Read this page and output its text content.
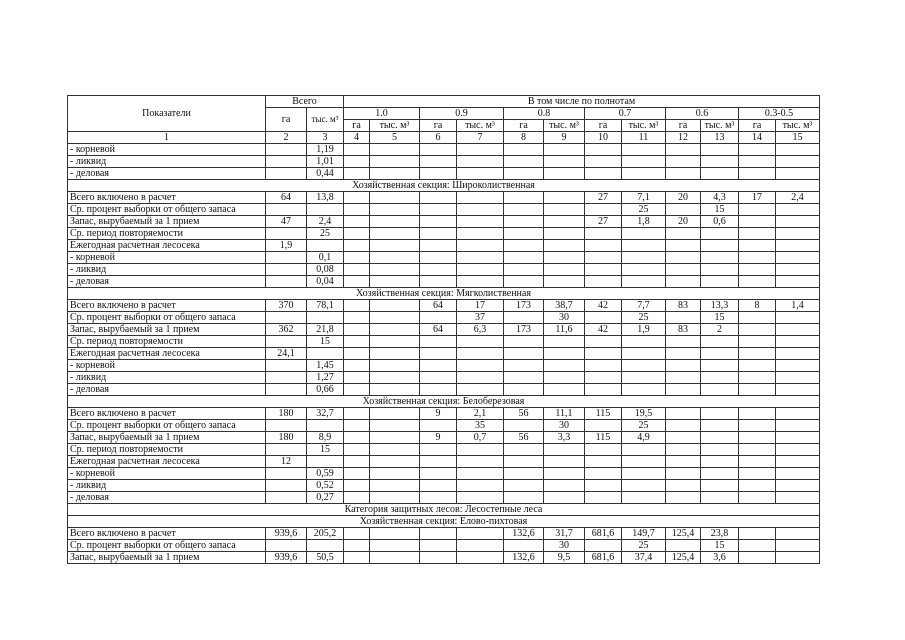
Показатели	Всего		В том числе по полнотам											
	га	тыс. м³	1.0		0.9		0.8		0.7		0.6		0.3-0.5	
			га	тыс. м³	га	тыс. м³	га	тыс. м³	га	тыс. м³	га	тыс. м³	га	тыс. м³
1	2	3	4	5	6	7	8	9	10	11	12	13	14	15
- корневой		1,19												
- ликвид		1,01												
- деловая		0,44												
Хозяйственная секция: Широколиственная														
Всего включено в расчет	64	13,8							27	7,1	20	4,3	17	2,4
Ср. процент выборки от общего запаса										25		15		
Запас, вырубаемый за 1 прием	47	2,4							27	1,8	20	0,6		
Ср. период повторяемости		25												
Ежегодная расчетная лесосека	1,9													
- корневой		0,1												
- ликвид		0,08												
- деловая		0,04												
Хозяйственная секция: Мягколиственная														
Всего включено в расчет	370	78,1			64	17	173	38,7	42	7,7	83	13,3	8	1,4
Ср. процент выборки от общего запаса						37		30		25		15		
Запас, вырубаемый за 1 прием	362	21,8			64	6,3	173	11,6	42	1,9	83	2		
Ср. период повторяемости		15												
Ежегодная расчетная лесосека	24,1													
- корневой		1,45												
- ликвид		1,27												
- деловая		0,66												
Хозяйственная секция: Белоберезовая														
Всего включено в расчет	180	32,7			9	2,1	56	11,1	115	19,5				
Ср. процент выборки от общего запаса						35		30		25				
Запас, вырубаемый за 1 прием	180	8,9			9	0,7	56	3,3	115	4,9				
Ср. период повторяемости		15												
Ежегодная расчетная лесосека	12													
- корневой		0,59												
- ликвид		0,52												
- деловая		0,27												
Категория защитных лесов: Лесостепные леса														
Хозяйственная секция: Елово-пихтовая														
Всего включено в расчет	939,6	205,2					132,6	31,7	681,6	149,7	125,4	23,8		
Ср. процент выборки от общего запаса								30		25		15		
Запас, вырубаемый за 1 прием	939,6	50,5					132,6	9,5	681,6	37,4	125,4	3,6		
